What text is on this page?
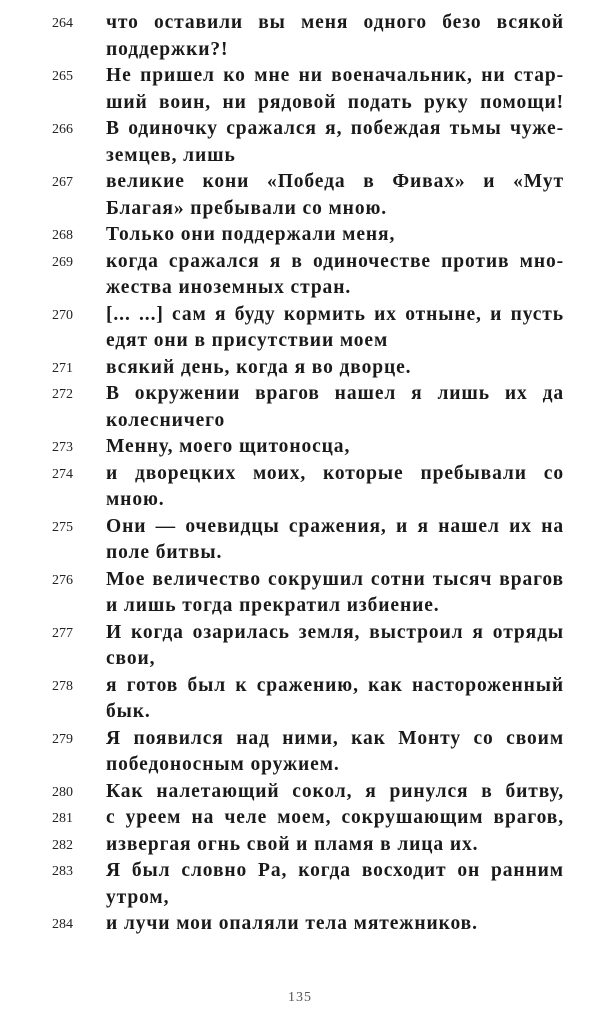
264	что оставили вы меня одного безо всякой
поддержки?!
265	Не пришел ко мне ни военачальник, ни стар-
ший воин, ни рядовой подать руку помощи!
266	В одиночку сражался я, побеждая тьмы чуже-
земцев, лишь
267	великие кони «Победа в Фивах» и «Мут
Благая» пребывали со мною.
268	Только они поддержали меня,
269	когда сражался я в одиночестве против мно-
жества иноземных стран.
270	[... ...] сам я буду кормить их отныне, и пусть
едят они в присутствии моем
271	всякий день, когда я во дворце.
272	В окружении врагов нашел я лишь их да
колесничего
273	Менну, моего щитоносца,
274	и дворецких моих, которые пребывали со
мною.
275	Они — очевидцы сражения, и я нашел их на
поле битвы.
276	Мое величество сокрушил сотни тысяч врагов
и лишь тогда прекратил избиение.
277	И когда озарилась земля, выстроил я отряды
свои,
278	я готов был к сражению, как настороженный
бык.
279	Я появился над ними, как Монту со своим
победоносным оружием.
280	Как налетающий сокол, я ринулся в битву,
281	с уреем на челе моем, сокрушающим врагов,
282	извергая огнь свой и пламя в лица их.
283	Я был словно Ра, когда восходит он ранним
утром,
284	и лучи мои опаляли тела мятежников.
135
